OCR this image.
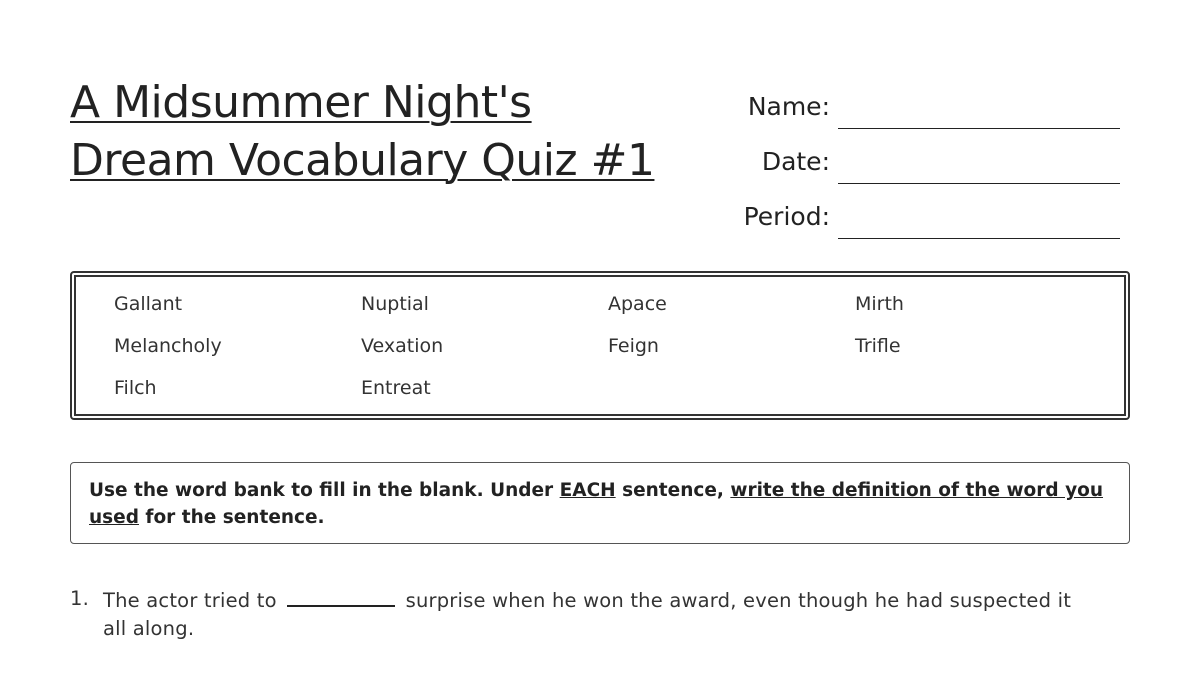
A Midsummer Night's
Dream Vocabulary Quiz #1
Name:
Date:
Period:
Gallant	Nuptial	Apace	Mirth
Melancholy	Vexation	Feign	Trifle
Filch	Entreat
Use the word bank to fill in the blank. Under EACH sentence, write the definition of the word you used for the sentence.
1. The actor tried to	surprise when he won the award, even though he had suspected it all along.
